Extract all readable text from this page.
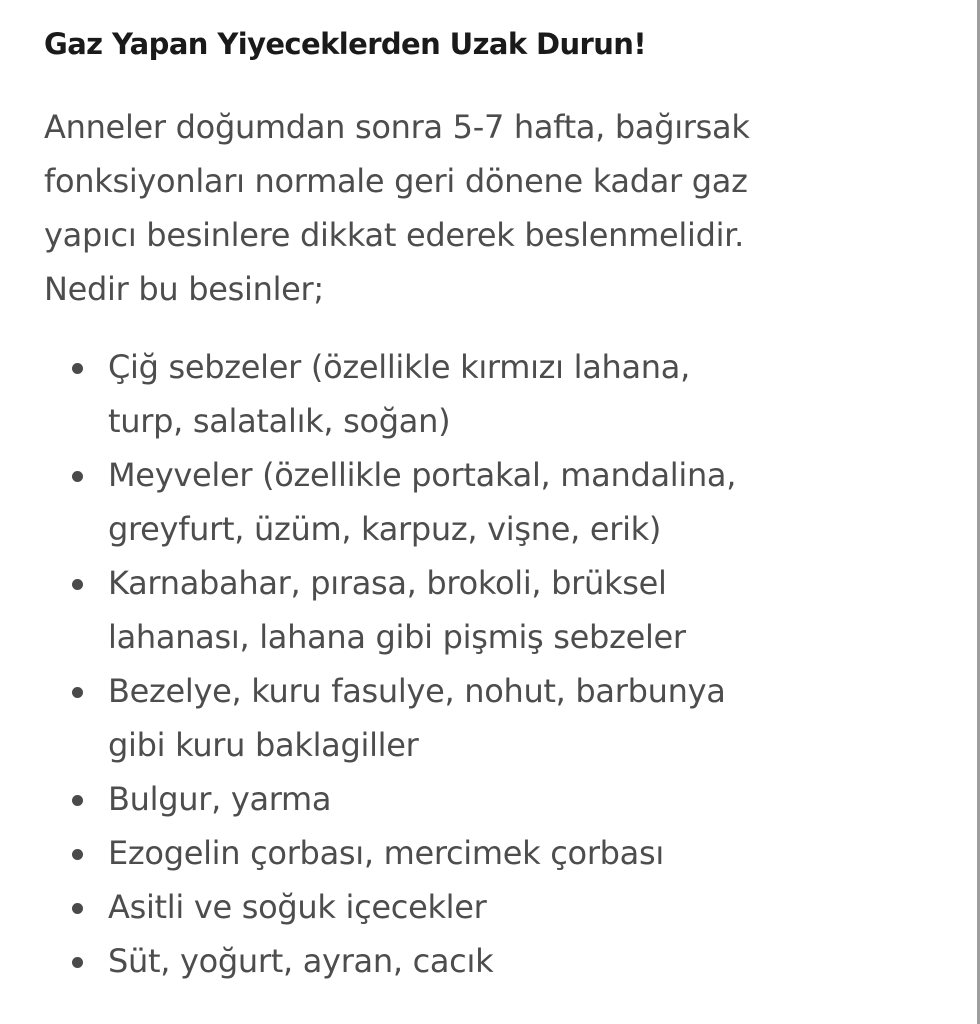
Gaz Yapan Yiyeceklerden Uzak Durun!

Anneler doğumdan sonra 5-7 hafta, bağırsak
fonksiyonları normale geri dönene kadar gaz
yapıcı besinlere dikkat ederek beslenmelidir.
Nedir bu besinler;

Çiğ sebzeler (özellikle kırmızı lahana,
turp, salatalık, soğan)
Meyveler (özellikle portakal, mandalina,
greyfurt, üzüm, karpuz, vişne, erik)
Karnabahar, pırasa, brokoli, brüksel
lahanası, lahana gibi pişmiş sebzeler
Bezelye, kuru fasulye, nohut, barbunya
gibi kuru baklagiller
Bulgur, yarma
Ezogelin çorbası, mercimek çorbası
Asitli ve soğuk içecekler
Süt, yoğurt, ayran, cacık
